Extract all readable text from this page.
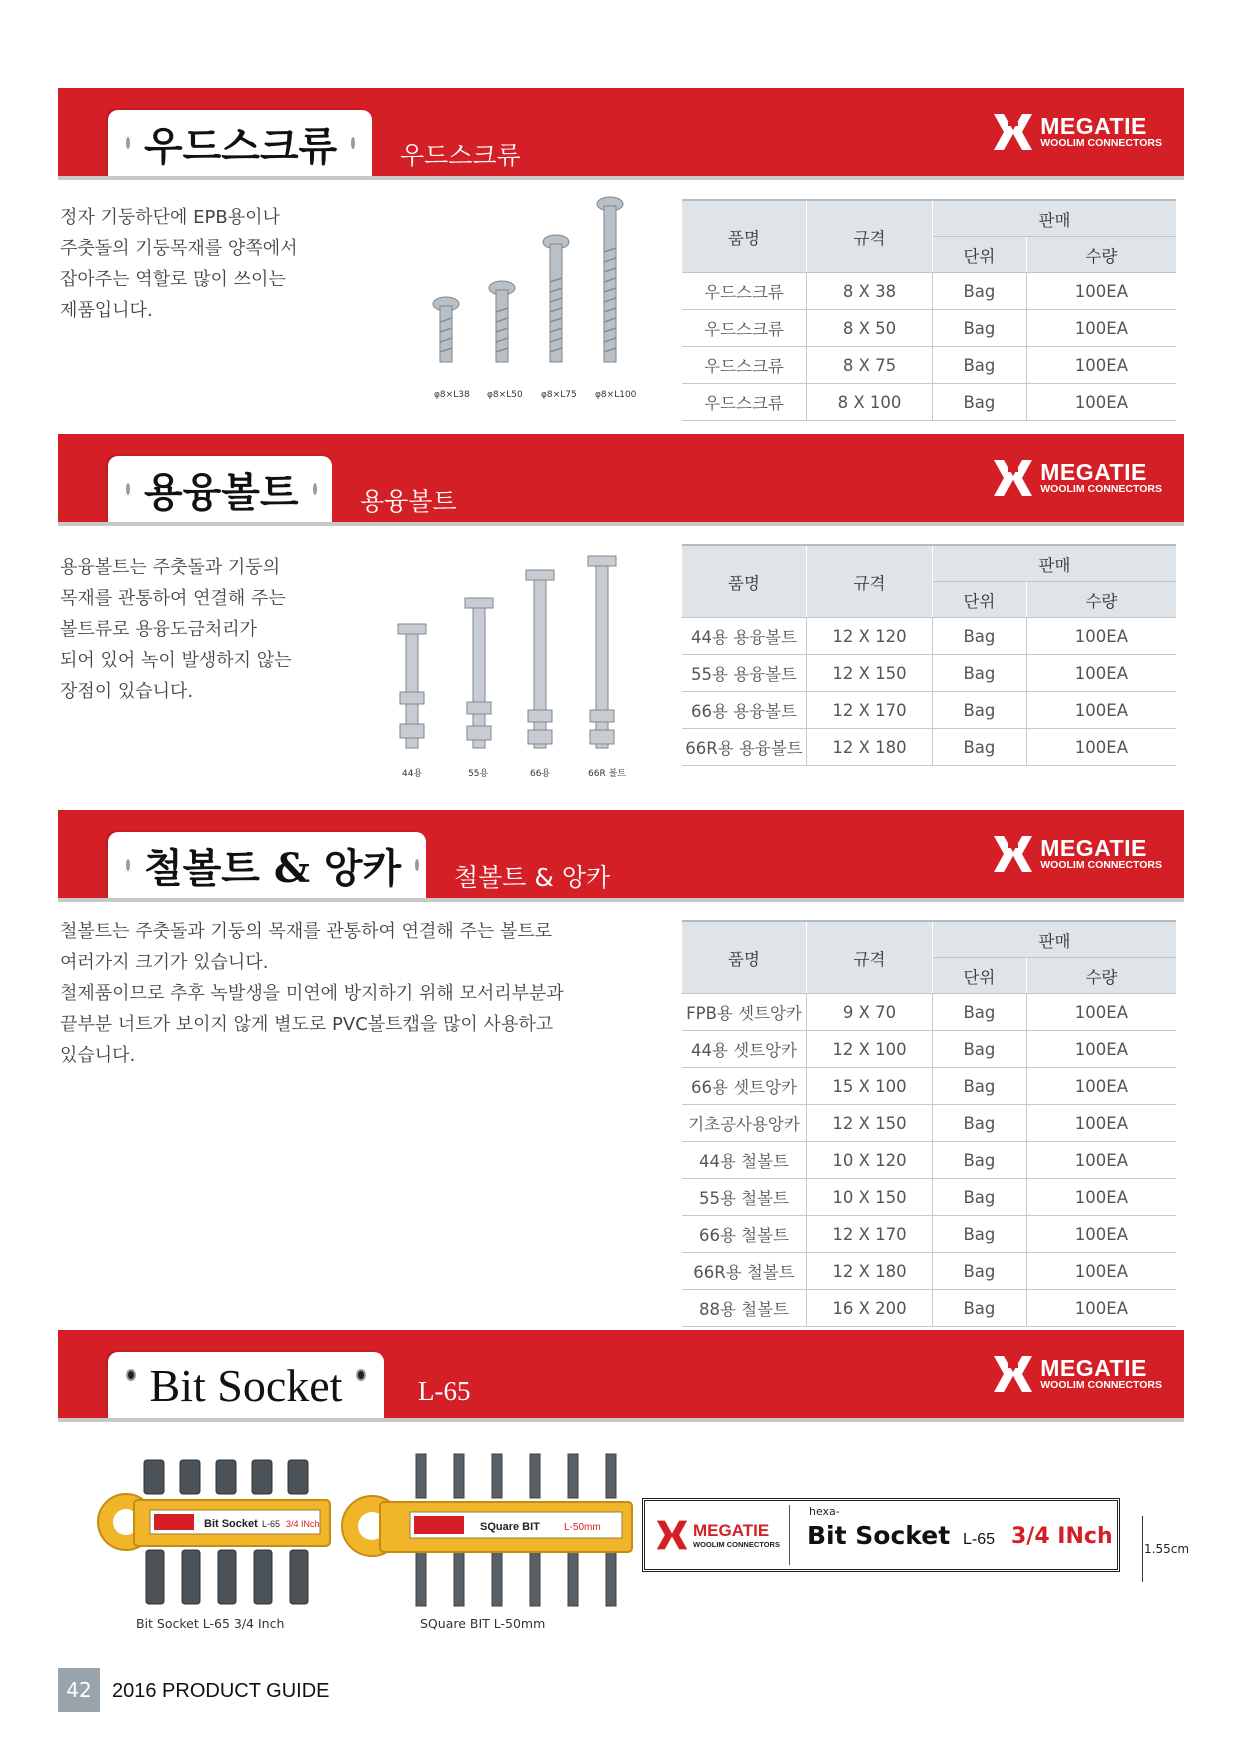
우드스크류	우드스크류
MEGATIE
WOOLIM CONNECTORS
정자 기둥하단에 EPB용이나
주춧돌의 기둥목재를 양쪽에서
잡아주는 역할로 많이 쓰이는
제품입니다.
φ8×L38 φ8×L50 φ8×L75 φ8×L100
품명	규격	판매	
		단위	수량
우드스크류	8 X 38	Bag	100EA
우드스크류	8 X 50	Bag	100EA
우드스크류	8 X 75	Bag	100EA
우드스크류	8 X 100	Bag	100EA
용융볼트 용융볼트
MEGATIE
WOOLIM CONNECTORS
용융볼트는 주춧돌과 기둥의
목재를 관통하여 연결해 주는
볼트류로 용융도금처리가
되어 있어 녹이 발생하지 않는
장점이 있습니다.
44용	55용	66용	66R 볼트
품명	규격	판매	
		단위	수량
44용 용융볼트	12 X 120	Bag	100EA
55용 용융볼트	12 X 150	Bag	100EA
66용 용융볼트	12 X 170	Bag	100EA
66R용 용융볼트	12 X 180	Bag	100EA
철볼트 & 앙카 철볼트 & 앙카
MEGATIE
WOOLIM CONNECTORS
철볼트는 주춧돌과 기둥의 목재를 관통하여 연결해 주는 볼트로
여러가지 크기가 있습니다.
철제품이므로 추후 녹발생을 미연에 방지하기 위해 모서리부분과
끝부분 너트가 보이지 않게 별도로 PVC볼트캡을 많이 사용하고
있습니다.
품명	규격	판매	
		단위	수량
FPB용 셋트앙카	9 X 70	Bag	100EA
44용 셋트앙카	12 X 100	Bag	100EA
66용 셋트앙카	15 X 100	Bag	100EA
기초공사용앙카	12 X 150	Bag	100EA
44용 철볼트	10 X 120	Bag	100EA
55용 철볼트	10 X 150	Bag	100EA
66용 철볼트	12 X 170	Bag	100EA
66R용 철볼트	12 X 180	Bag	100EA
88용 철볼트	16 X 200	Bag	100EA
Bit Socket	L-65
MEGATIE
WOOLIM CONNECTORS
Bit Socket L-65 3/4 INch	SQuare BIT L-50mm
Bit Socket L-65 3/4 Inch	SQuare BIT L-50mm
1.55cm
MEGATIE
WOOLIM CONNECTORS
hexa-
Bit Socket L-65 3/4 INch
42	2016 PRODUCT GUIDE
